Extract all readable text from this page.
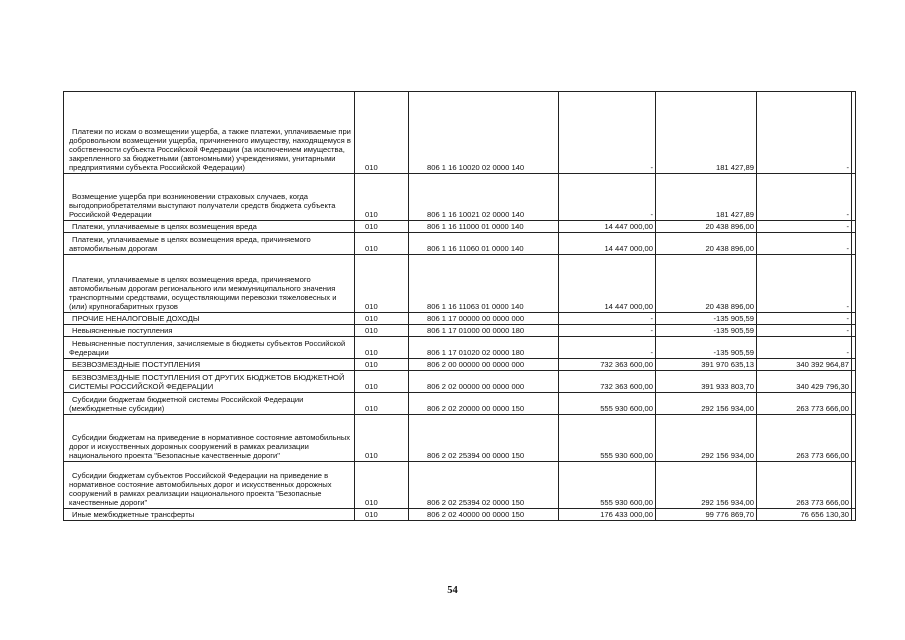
Платежи по искам о возмещении ущерба, а также платежи, уплачиваемые при добровольном возмещении ущерба, причиненного имуществу, находящемуся в собственности субъекта Российской Федерации (за исключением имущества, закрепленного за бюджетными (автономными) учреждениями, унитарными предприятиями субъекта Российской Федерации)	010	806 1 16 10020 02 0000 140	-	181 427,89	-	

Возмещение ущерба при возникновении страховых случаев, когда выгодоприобретателями выступают получатели средств бюджета субъекта Российской Федерации	010	806 1 16 10021 02 0000 140	-	181 427,89	-	

Платежи, уплачиваемые в целях возмещения вреда	010	806 1 16 11000 01 0000 140	14 447 000,00	20 438 896,00	-	

Платежи, уплачиваемые в целях возмещения вреда, причиняемого автомобильным дорогам	010	806 1 16 11060 01 0000 140	14 447 000,00	20 438 896,00	-	

Платежи, уплачиваемые в целях возмещения вреда, причиняемого автомобильным дорогам регионального или межмуниципального значения транспортными средствами, осуществляющими перевозки тяжеловесных и (или) крупногабаритных грузов	010	806 1 16 11063 01 0000 140	14 447 000,00	20 438 896,00	-	

ПРОЧИЕ НЕНАЛОГОВЫЕ ДОХОДЫ	010	806 1 17 00000 00 0000 000	-	-135 905,59	-	

Невыясненные поступления	010	806 1 17 01000 00 0000 180	-	-135 905,59	-	

Невыясненные поступления, зачисляемые в бюджеты субъектов Российской Федерации	010	806 1 17 01020 02 0000 180	-	-135 905,59	-	

БЕЗВОЗМЕЗДНЫЕ ПОСТУПЛЕНИЯ	010	806 2 00 00000 00 0000 000	732 363 600,00	391 970 635,13	340 392 964,87	

БЕЗВОЗМЕЗДНЫЕ ПОСТУПЛЕНИЯ ОТ ДРУГИХ БЮДЖЕТОВ БЮДЖЕТНОЙ СИСТЕМЫ РОССИЙСКОЙ ФЕДЕРАЦИИ	010	806 2 02 00000 00 0000 000	732 363 600,00	391 933 803,70	340 429 796,30	

Субсидии бюджетам бюджетной системы Российской Федерации (межбюджетные субсидии)	010	806 2 02 20000 00 0000 150	555 930 600,00	292 156 934,00	263 773 666,00	

Субсидии бюджетам на приведение в нормативное состояние автомобильных дорог и искусственных дорожных сооружений в рамках реализации национального проекта "Безопасные качественные дороги"	010	806 2 02 25394 00 0000 150	555 930 600,00	292 156 934,00	263 773 666,00	

Субсидии бюджетам субъектов Российской Федерации на приведение в нормативное состояние автомобильных дорог и искусственных дорожных сооружений в рамках реализации национального проекта "Безопасные качественные дороги"	010	806 2 02 25394 02 0000 150	555 930 600,00	292 156 934,00	263 773 666,00	

Иные межбюджетные трансферты	010	806 2 02 40000 00 0000 150	176 433 000,00	99 776 869,70	76 656 130,30	
54
